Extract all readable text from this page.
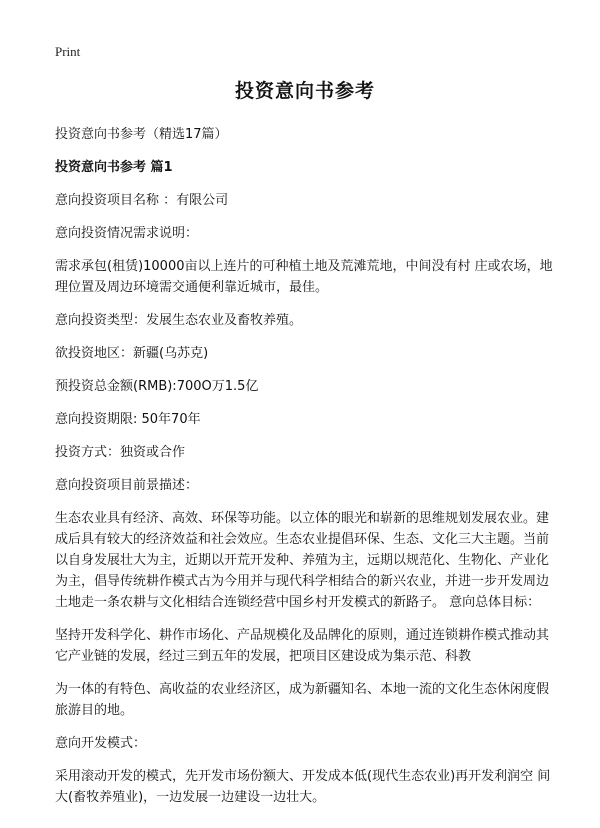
Print
投资意向书参考

投资意向书参考（精选17篇）

投资意向书参考 篇1

意向投资项目名称 ：有限公司

意向投资情况需求说明：

需求承包(租赁)10000亩以上连片的可种植土地及荒滩荒地，中间没有村 庄或农场，地理位置及周边环境需交通便利靠近城市，最佳。

意向投资类型：发展生态农业及畜牧养殖。

欲投资地区：新疆(乌苏克)

预投资总金额(RMB):700O万1.5亿

意向投资期限: 50年70年

投资方式：独资或合作

意向投资项目前景描述：

生态农业具有经济、高效、环保等功能。以立体的眼光和崭新的思维规划发展农业。建 成后具有较大的经济效益和社会效应。生态农业提倡环保、生态、文化三大主题。当前 以自身发展壮大为主，近期以开荒开发种、养殖为主，远期以规范化、生物化、产业化 为主，倡导传统耕作模式古为今用并与现代科学相结合的新兴农业，并进一步开发周边 土地走一条农耕与文化相结合连锁经营中国乡村开发模式的新路子。 意向总体目标：

坚持开发科学化、耕作市场化、产品规模化及品牌化的原则，通过连锁耕作模式推动其 它产业链的发展，经过三到五年的发展，把项目区建设成为集示范、科教

为一体的有特色、高收益的农业经济区，成为新疆知名、本地一流的文化生态休闲度假 旅游目的地。

意向开发模式：

采用滚动开发的模式，先开发市场份额大、开发成本低(现代生态农业)再开发利润空 间大(畜牧养殖业)，一边发展一边建设一边壮大。
